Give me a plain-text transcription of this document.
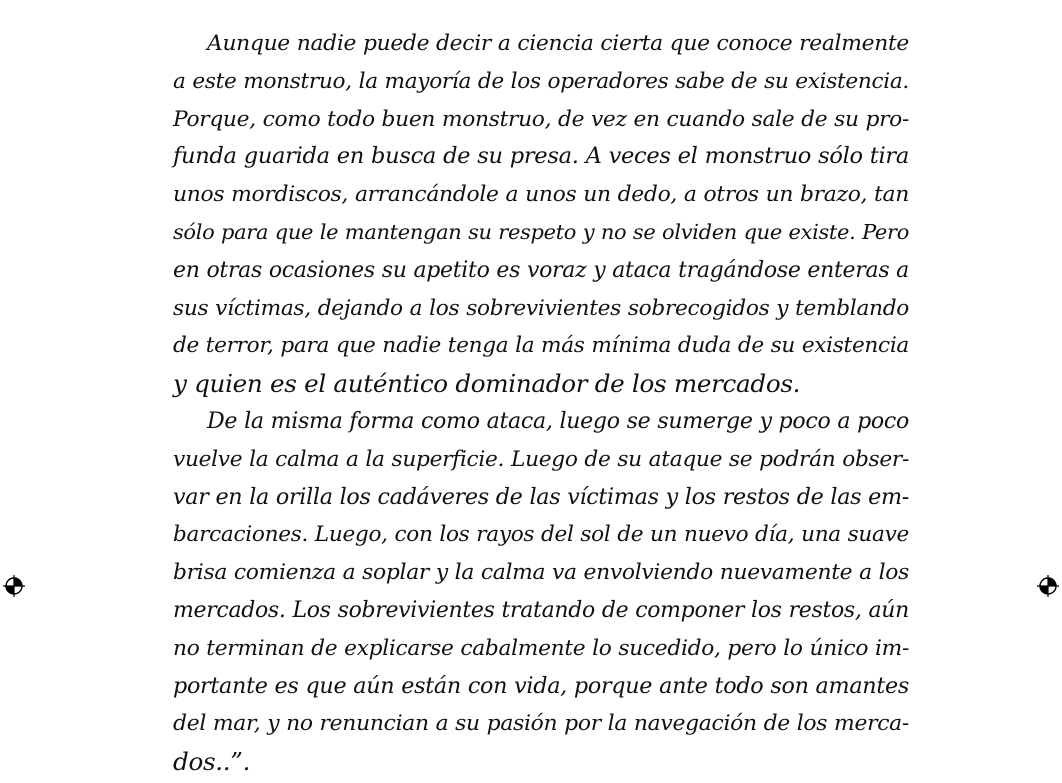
Aunque nadie puede decir a ciencia cierta que conoce realmente
a este monstruo, la mayoría de los operadores sabe de su existencia.
Porque, como todo buen monstruo, de vez en cuando sale de su pro-
funda guarida en busca de su presa. A veces el monstruo sólo tira
unos mordiscos, arrancándole a unos un dedo, a otros un brazo, tan
sólo para que le mantengan su respeto y no se olviden que existe. Pero
en otras ocasiones su apetito es voraz y ataca tragándose enteras a
sus víctimas, dejando a los sobrevivientes sobrecogidos y temblando
de terror, para que nadie tenga la más mínima duda de su existencia
y quien es el auténtico dominador de los mercados.
De la misma forma como ataca, luego se sumerge y poco a poco
vuelve la calma a la superficie. Luego de su ataque se podrán obser-
var en la orilla los cadáveres de las víctimas y los restos de las em-
barcaciones. Luego, con los rayos del sol de un nuevo día, una suave
brisa comienza a soplar y la calma va envolviendo nuevamente a los
mercados. Los sobrevivientes tratando de componer los restos, aún
no terminan de explicarse cabalmente lo sucedido, pero lo único im-
portante es que aún están con vida, porque ante todo son amantes
del mar, y no renuncian a su pasión por la navegación de los merca-
dos..”.
